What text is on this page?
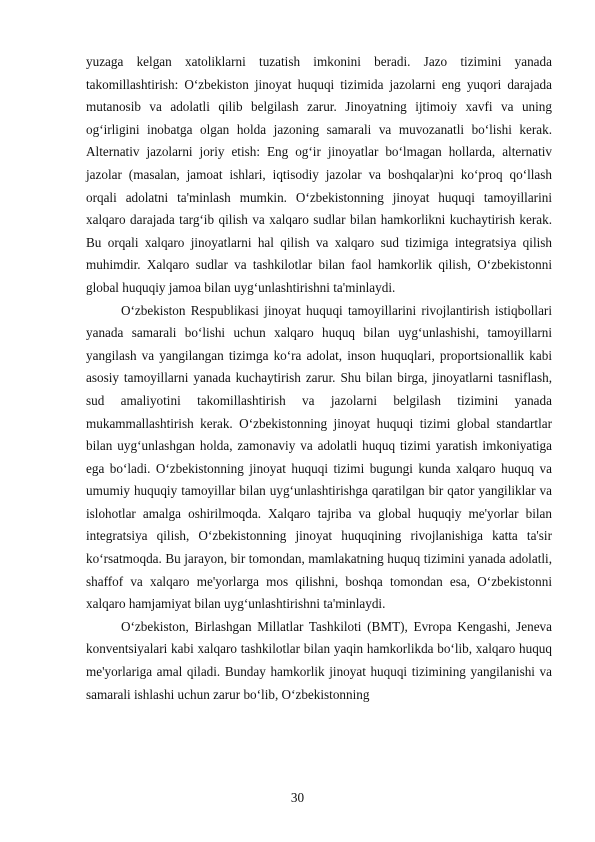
yuzaga kelgan xatoliklarni tuzatish imkonini beradi. Jazo tizimini yanada takomillashtirish: O‘zbekiston jinoyat huquqi tizimida jazolarni eng yuqori darajada mutanosib va adolatli qilib belgilash zarur. Jinoyatning ijtimoiy xavfi va uning og‘irligini inobatga olgan holda jazoning samarali va muvozanatli bo‘lishi kerak. Alternativ jazolarni joriy etish: Eng og‘ir jinoyatlar bo‘lmagan hollarda, alternativ jazolar (masalan, jamoat ishlari, iqtisodiy jazolar va boshqalar)ni ko‘proq qo‘llash orqali adolatni ta'minlash mumkin. O‘zbekistonning jinoyat huquqi tamoyillarini xalqaro darajada targ‘ib qilish va xalqaro sudlar bilan hamkorlikni kuchaytirish kerak. Bu orqali xalqaro jinoyatlarni hal qilish va xalqaro sud tizimiga integratsiya qilish muhimdir. Xalqaro sudlar va tashkilotlar bilan faol hamkorlik qilish, O‘zbekistonni global huquqiy jamoa bilan uyg‘unlashtirishni ta'minlaydi.

O‘zbekiston Respublikasi jinoyat huquqi tamoyillarini rivojlantirish istiqbollari yanada samarali bo‘lishi uchun xalqaro huquq bilan uyg‘unlashishi, tamoyillarni yangilash va yangilangan tizimga ko‘ra adolat, inson huquqlari, proportsionallik kabi asosiy tamoyillarni yanada kuchaytirish zarur. Shu bilan birga, jinoyatlarni tasniflash, sud amaliyotini takomillashtirish va jazolarni belgilash tizimini yanada mukammallashtirish kerak. O‘zbekistonning jinoyat huquqi tizimi global standartlar bilan uyg‘unlashgan holda, zamonaviy va adolatli huquq tizimi yaratish imkoniyatiga ega bo‘ladi. O‘zbekistonning jinoyat huquqi tizimi bugungi kunda xalqaro huquq va umumiy huquqiy tamoyillar bilan uyg‘unlashtirishga qaratilgan bir qator yangiliklar va islohotlar amalga oshirilmoqda. Xalqaro tajriba va global huquqiy me'yorlar bilan integratsiya qilish, O‘zbekistonning jinoyat huquqining rivojlanishiga katta ta'sir ko‘rsatmoqda. Bu jarayon, bir tomondan, mamlakatning huquq tizimini yanada adolatli, shaffof va xalqaro me'yorlarga mos qilishni, boshqa tomondan esa, O‘zbekistonni xalqaro hamjamiyat bilan uyg‘unlashtirishni ta'minlaydi.

O‘zbekiston, Birlashgan Millatlar Tashkiloti (BMT), Evropa Kengashi, Jeneva konventsiyalari kabi xalqaro tashkilotlar bilan yaqin hamkorlikda bo‘lib, xalqaro huquq me'yorlariga amal qiladi. Bunday hamkorlik jinoyat huquqi tizimining yangilanishi va samarali ishlashi uchun zarur bo‘lib, O‘zbekistonning

30
